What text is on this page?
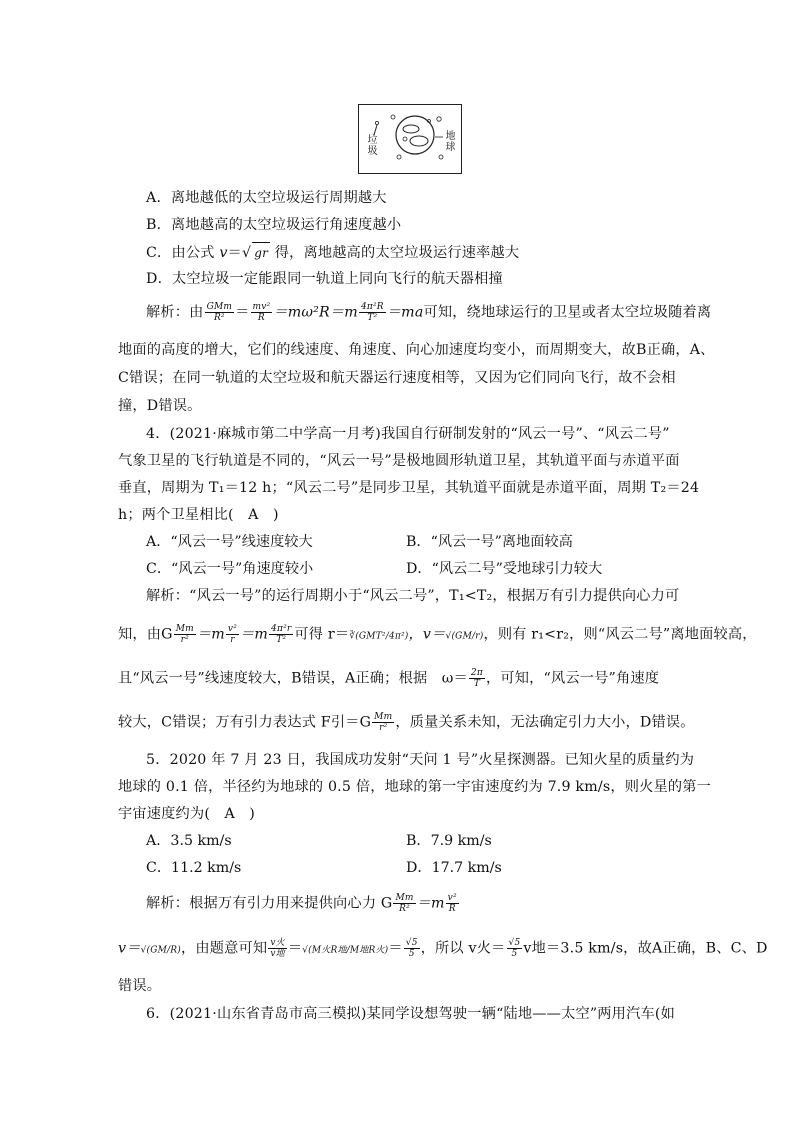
垃圾
地球
A．离地越低的太空垃圾运行周期越大
B．离地越高的太空垃圾运行角速度越小
C．由公式 v＝√ gr 得，离地越高的太空垃圾运行速率越大
D．太空垃圾一定能跟同一轨道上同向飞行的航天器相撞
解析：由 $\frac{\text{GMm}}{\text{R²}} = \frac{\text{mv²}}{R} =m\omega^2R=m \frac{\text{4π²R}}{\text{T²}} =ma$可知，绕地球运行的卫星或者太空垃圾随着离
地面的高度的增大，它们的线速度、角速度、向心加速度均变小，而周期变大，故B正确，A、
C错误；在同一轨道的太空垃圾和航天器运行速度相等，又因为它们同向飞行，故不会相
撞，D错误。
4．(2021·麻城市第二中学高一月考)我国自行研制发射的“风云一号”、“风云二号”
气象卫星的飞行轨道是不同的，“风云一号”是极地圆形轨道卫星，其轨道平面与赤道平面
垂直，周期为 T₁＝12 h；“风云二号”是同步卫星，其轨道平面就是赤道平面，周期 T₂＝24
h；两个卫星相比(　A　)
A．“风云一号”线速度较大	B．“风云一号”离地面较高
C．“风云一号”角速度较小	D．“风云二号”受地球引力较大
解析：“风云一号”的运行周期小于“风云二号”，T₁<T₂，根据万有引力提供向心力可
知，由G $\frac{Mm}{\text{r²}} =m \frac{\text{v²}}{r} =m \frac{\text{4π²r}}{\text{T²}}$ 可得 r＝∛(GMT²/4π²)，v＝√(GM/r)，则有 r₁<r₂，则“风云二号”离地面较高，
且“风云一号”线速度较大，B错误，A正确；根据　$\omega= \frac{2\pi}{T}$ ，可知，“风云一号”角速度
较大，C错误；万有引力表达式 F引$=G \frac{Mm}{\text{r²}}$ ，质量关系未知，无法确定引力大小，D错误。
5．2020 年 7 月 23 日，我国成功发射“天问 1 号”火星探测器。已知火星的质量约为
地球的 0.1 倍，半径约为地球的 0.5 倍，地球的第一宇宙速度约为 7.9 km/s，则火星的第一
宇宙速度约为(　A　)
A．3.5 km/s	B．7.9 km/s
C．11.2 km/s	D．17.7 km/s
解析：根据万有引力用来提供向心力 G $\frac{Mm}{\text{R²}} =m \frac{\text{v²}}{R}$
v＝√(GM/R)，由题意可知 $\frac{\text{v火}}{\text{v地}} =√(M$火R地/M地R火)＝ $\frac{√5}{5}$ ，所以 v火＝ $\frac{√5}{5}$ v地＝3.5 km/s，故A正确，B、C、D
错误。
6．(2021·山东省青岛市高三模拟)某同学设想驾驶一辆“陆地——太空”两用汽车(如
